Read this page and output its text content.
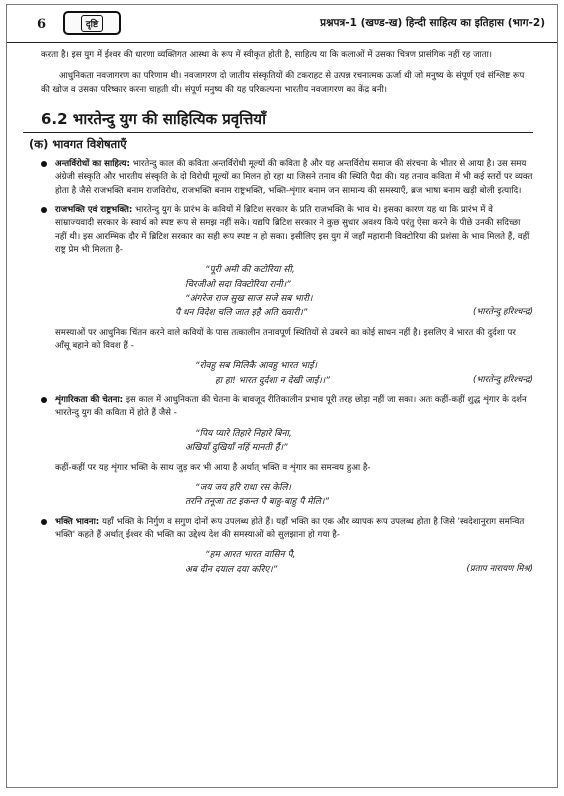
6	दृष्टि	प्रश्नपत्र-1 (खण्ड-ख) हिन्दी साहित्य का इतिहास (भाग-2)

करता है। इस युग में ईश्वर की धारणा व्यक्तिगत आस्था के रूप में स्वीकृत होती है, साहित्य या कि कलाओं में उसका चित्रण प्रासंगिक नहीं रह जाता।

आधुनिकता नवजागरण का परिणाम थी। नवजागरण दो जातीय संस्कृतियों की टकराहट से उत्पन्न रचनात्मक ऊर्जा थी जो मनुष्य के संपूर्ण एवं संश्लिष्ट रूप की खोज व उसका परिष्कार करना चाहती थी। संपूर्ण मनुष्य की यह परिकल्पना भारतीय नवजागरण का केंद्र बनी।

6.2 भारतेन्दु युग की साहित्यिक प्रवृत्तियाँ
(क) भावगत विशेषताएँ
अन्तर्विरोधों का साहित्य: भारतेन्दु काल की कविता अन्तर्विरोधी मूल्यों की कविता है और यह अन्तर्विरोध समाज की संरचना के भीतर से आया है। उस समय अंग्रेजी संस्कृति और भारतीय संस्कृति के दो विरोधी मूल्यों का मिलन हो रहा था जिसने तनाव की स्थिति पैदा की। यह तनाव कविता में भी कई स्तरों पर व्यक्त होता है जैसे राजभक्ति बनाम राजविरोध, राजभक्ति बनाम राष्ट्रभक्ति, भक्ति-शृंगार बनाम जन सामान्य की समस्याएँ, ब्रज भाषा बनाम खड़ी बोली इत्यादि।
राजभक्ति एवं राष्ट्रभक्ति: भारतेन्दु युग के प्रारंभ के कवियों में ब्रिटिश सरकार के प्रति राजभक्ति के भाव थे। इसका कारण यह था कि प्रारंभ में वे साम्राज्यवादी सरकार के स्वार्थ को स्पष्ट रूप से समझ नहीं सके। यद्यपि ब्रिटिश सरकार ने कुछ सुधार अवश्य किये परंतु ऐसा करने के पीछे उनकी सदिच्छा नहीं थी। इस आरम्भिक दौर में ब्रिटिश सरकार का सही रूप स्पष्ट न हो सका। इसीलिए इस युग में जहाँ महारानी विक्टोरिया की प्रशंसा के भाव मिलते हैं, वहीं राष्ट्र प्रेम भी मिलता है-
“पूरी अमी की कटोरिया सी,
चिरजीओ सदा विक्टोरिया रानी।”
“अंगरेज राज सुख साज सजे सब भारी।
पै धन विदेश चलि जात इहै अति ख्वारी।”	(भारतेन्दु हरिश्चन्द्र)
समस्याओं पर आधुनिक चिंतन करने वाले कवियों के पास तत्कालीन तनावपूर्ण स्थितियों से उबरने का कोई साधन नहीं है। इसलिए वे भारत की दुर्दशा पर आँसू बहाने को विवश हैं -
“रोवहु सब मिलिकै आवहु भारत भाई।
हा हा! भारत दुर्दशा न देखी जाई।।”	(भारतेन्दु हरिश्चन्द्र)
शृंगारिकता की चेतना: इस काल में आधुनिकता की चेतना के बावजूद रीतिकालीन प्रभाव पूरी तरह छोड़ा नहीं जा सका। अतः कहीं-कहीं शुद्ध शृंगार के दर्शन भारतेन्दु युग की कविता में होते हैं जैसे -
“पिय प्यारे तिहारे निहारे बिना,
अखियाँ दुखियाँ नहिं मानती हैं।”
कहीं-कहीं पर यह शृंगार भक्ति के साथ जुड़ कर भी आया है अर्थात् भक्ति व शृंगार का समन्वय हुआ है-
“जय जय हरि राधा रस केलि।
तरनि तनूजा तट इकन्त पै बाहु-बाहु पै मेलि।”
भक्ति भावना: यहाँ भक्ति के निर्गुण व सगुण दोनों रूप उपलब्ध होते हैं। यहाँ भक्ति का एक और व्यापक रूप उपलब्ध होता है जिसे 'स्वदेशानुराग समन्वित भक्ति' कहते हैं अर्थात् ईश्वर की भक्ति का उद्देश्य देश की समस्याओं को सुलझाना हो गया है-
“हम आरत भारत वासिन पै,
अब दीन दयाल दया करिए।”	(प्रताप नारायण मिश्र)
